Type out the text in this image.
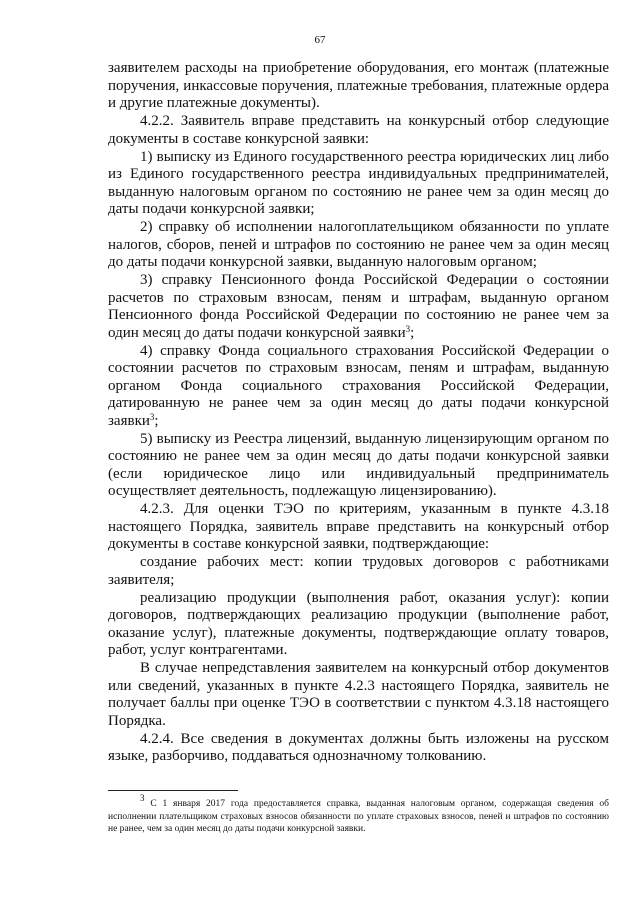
67

заявителем расходы на приобретение оборудования, его монтаж (платежные поручения, инкассовые поручения, платежные требования, платежные ордера и другие платежные документы).

4.2.2. Заявитель вправе представить на конкурсный отбор следующие документы в составе конкурсной заявки:

1) выписку из Единого государственного реестра юридических лиц либо из Единого государственного реестра индивидуальных предпринимателей, выданную налоговым органом по состоянию не ранее чем за один месяц до даты подачи конкурсной заявки;

2) справку об исполнении налогоплательщиком обязанности по уплате налогов, сборов, пеней и штрафов по состоянию не ранее чем за один месяц до даты подачи конкурсной заявки, выданную налоговым органом;

3) справку Пенсионного фонда Российской Федерации о состоянии расчетов по страховым взносам, пеням и штрафам, выданную органом Пенсионного фонда Российской Федерации по состоянию не ранее чем за один месяц до даты подачи конкурсной заявки$^3$;

4) справку Фонда социального страхования Российской Федерации о состоянии расчетов по страховым взносам, пеням и штрафам, выданную органом Фонда социального страхования Российской Федерации, датированную не ранее чем за один месяц до даты подачи конкурсной заявки$^3$;

5) выписку из Реестра лицензий, выданную лицензирующим органом по состоянию не ранее чем за один месяц до даты подачи конкурсной заявки (если юридическое лицо или индивидуальный предприниматель осуществляет деятельность, подлежащую лицензированию).

4.2.3. Для оценки ТЭО по критериям, указанным в пункте 4.3.18 настоящего Порядка, заявитель вправе представить на конкурсный отбор документы в составе конкурсной заявки, подтверждающие:

создание рабочих мест: копии трудовых договоров с работниками заявителя;

реализацию продукции (выполнения работ, оказания услуг): копии договоров, подтверждающих реализацию продукции (выполнение работ, оказание услуг), платежные документы, подтверждающие оплату товаров, работ, услуг контрагентами.

В случае непредставления заявителем на конкурсный отбор документов или сведений, указанных в пункте 4.2.3 настоящего Порядка, заявитель не получает баллы при оценке ТЭО в соответствии с пунктом 4.3.18 настоящего Порядка.

4.2.4. Все сведения в документах должны быть изложены на русском языке, разборчиво, поддаваться однозначному толкованию.

$^3$ С 1 января 2017 года предоставляется справка, выданная налоговым органом, содержащая сведения об исполнении плательщиком страховых взносов обязанности по уплате страховых взносов, пеней и штрафов по состоянию не ранее, чем за один месяц до даты подачи конкурсной заявки.
